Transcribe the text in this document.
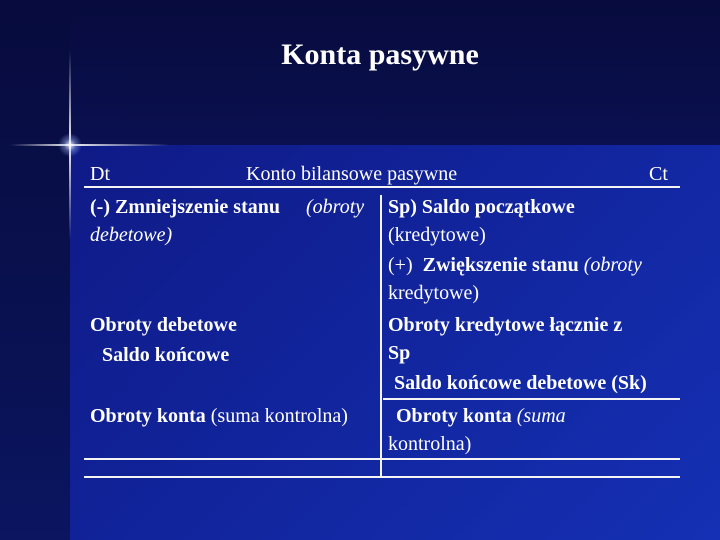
Konta pasywne
Dt	Konto bilansowe pasywne	Ct
(-) Zmniejszenie stanu (obroty
debetowe)
Obroty debetowe
Saldo końcowe
Obroty konta (suma kontrolna)
Sp) Saldo początkowe
(kredytowe)
(+) Zwiększenie stanu (obroty
kredytowe)
Obroty kredytowe łącznie z
Sp
Saldo końcowe debetowe (Sk)
Obroty konta (suma
kontrolna)
